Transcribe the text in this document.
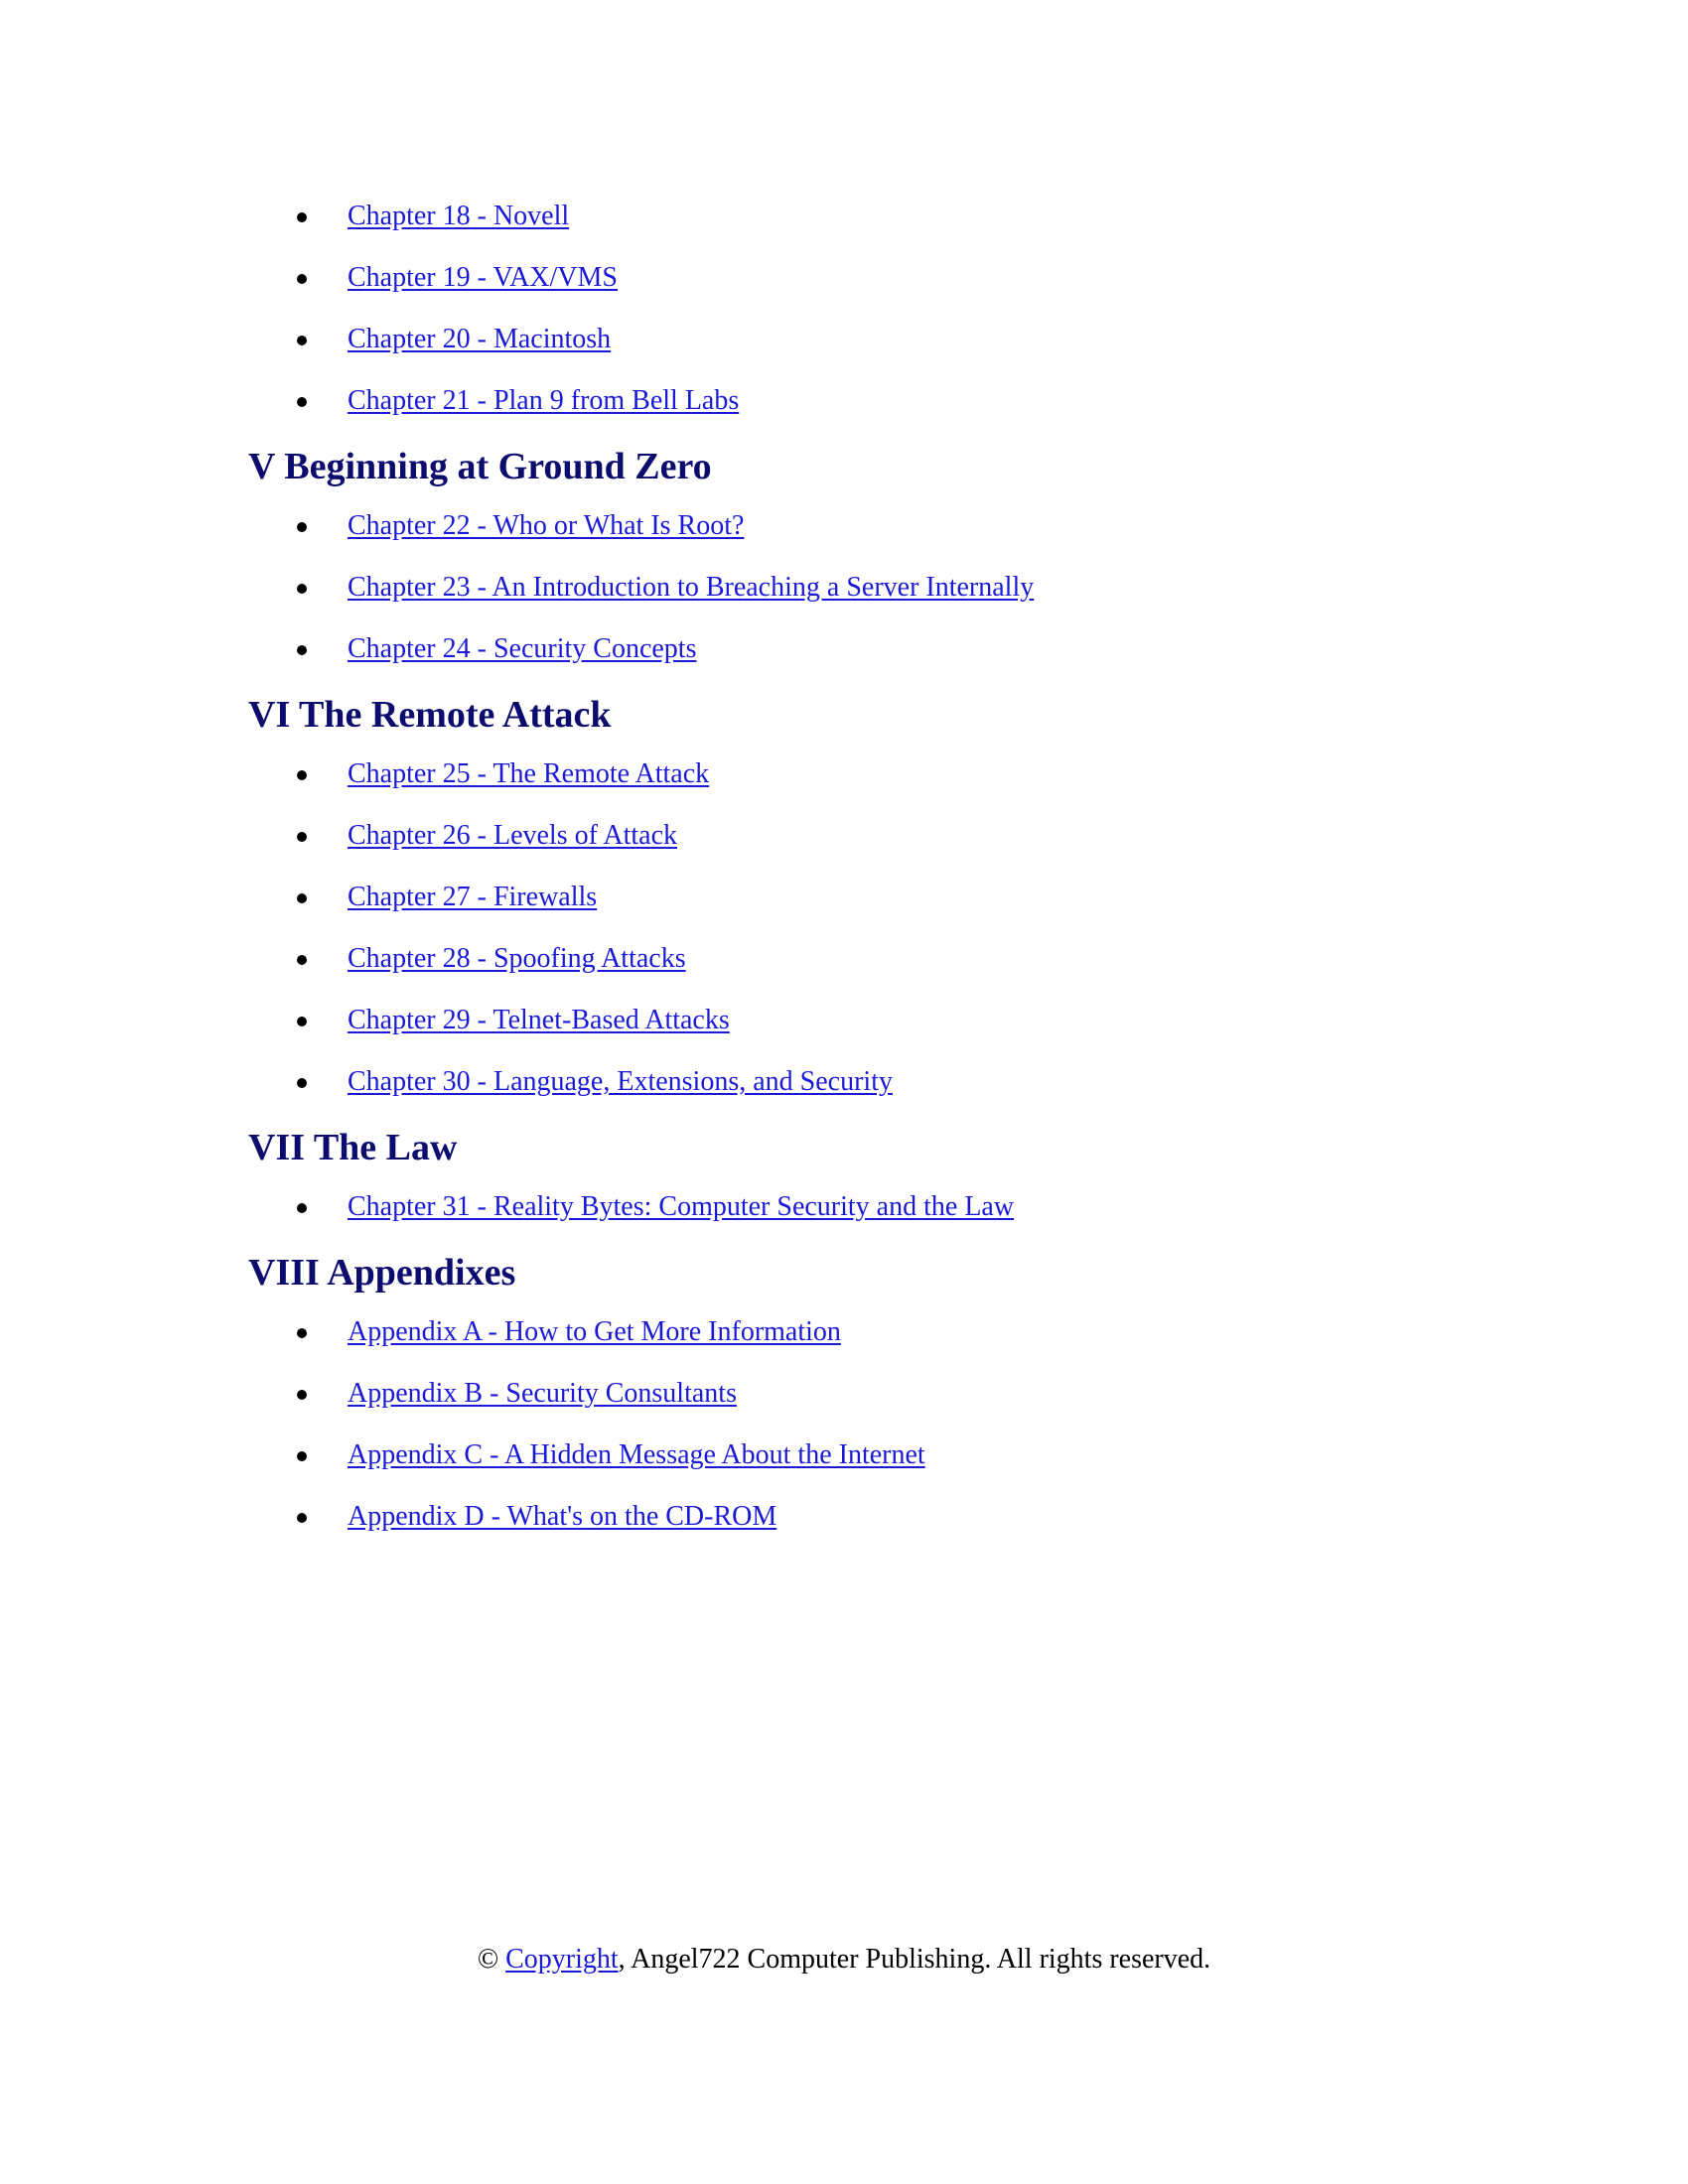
Chapter 18 - Novell
Chapter 19 - VAX/VMS
Chapter 20 - Macintosh
Chapter 21 - Plan 9 from Bell Labs
V Beginning at Ground Zero
Chapter 22 - Who or What Is Root?
Chapter 23 - An Introduction to Breaching a Server Internally
Chapter 24 - Security Concepts
VI The Remote Attack
Chapter 25 - The Remote Attack
Chapter 26 - Levels of Attack
Chapter 27 - Firewalls
Chapter 28 - Spoofing Attacks
Chapter 29 - Telnet-Based Attacks
Chapter 30 - Language, Extensions, and Security
VII The Law
Chapter 31 - Reality Bytes: Computer Security and the Law
VIII Appendixes
Appendix A - How to Get More Information
Appendix B - Security Consultants
Appendix C - A Hidden Message About the Internet
Appendix D - What's on the CD-ROM
© Copyright, Angel722 Computer Publishing. All rights reserved.
